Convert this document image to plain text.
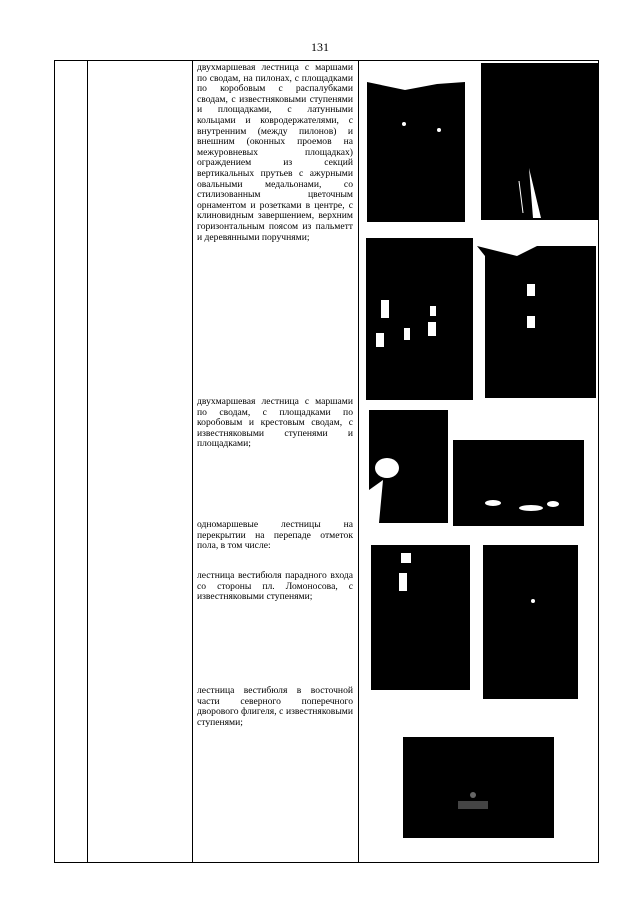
131
двухмаршевая лестница с маршами по сводам, на пилонах, с площадками по коробовым с распалубками сводам, с известняковыми ступенями и площадками, с латунными кольцами и ковродержателями, с внутренним (между пилонов) и внешним (оконных проемов на межуровневых площадках) ограждением из секций вертикальных прутьев с ажурными овальными медальонами, со стилизованным цветочным орнаментом и розетками в центре, с клиновидным завершением, верхним горизонтальным поясом из пальметт и деревянными поручнями;
двухмаршевая лестница с маршами по сводам, с площадками по коробовым и крестовым сводам, с известняковыми ступенями и площадками;
одномаршевые лестницы на перекрытии на перепаде отметок пола, в том числе:
лестница вестибюля парадного входа со стороны пл. Ломоносова, с известняковыми ступенями;
лестница вестибюля в восточной части северного поперечного дворового флигеля, с известняковыми ступенями;
